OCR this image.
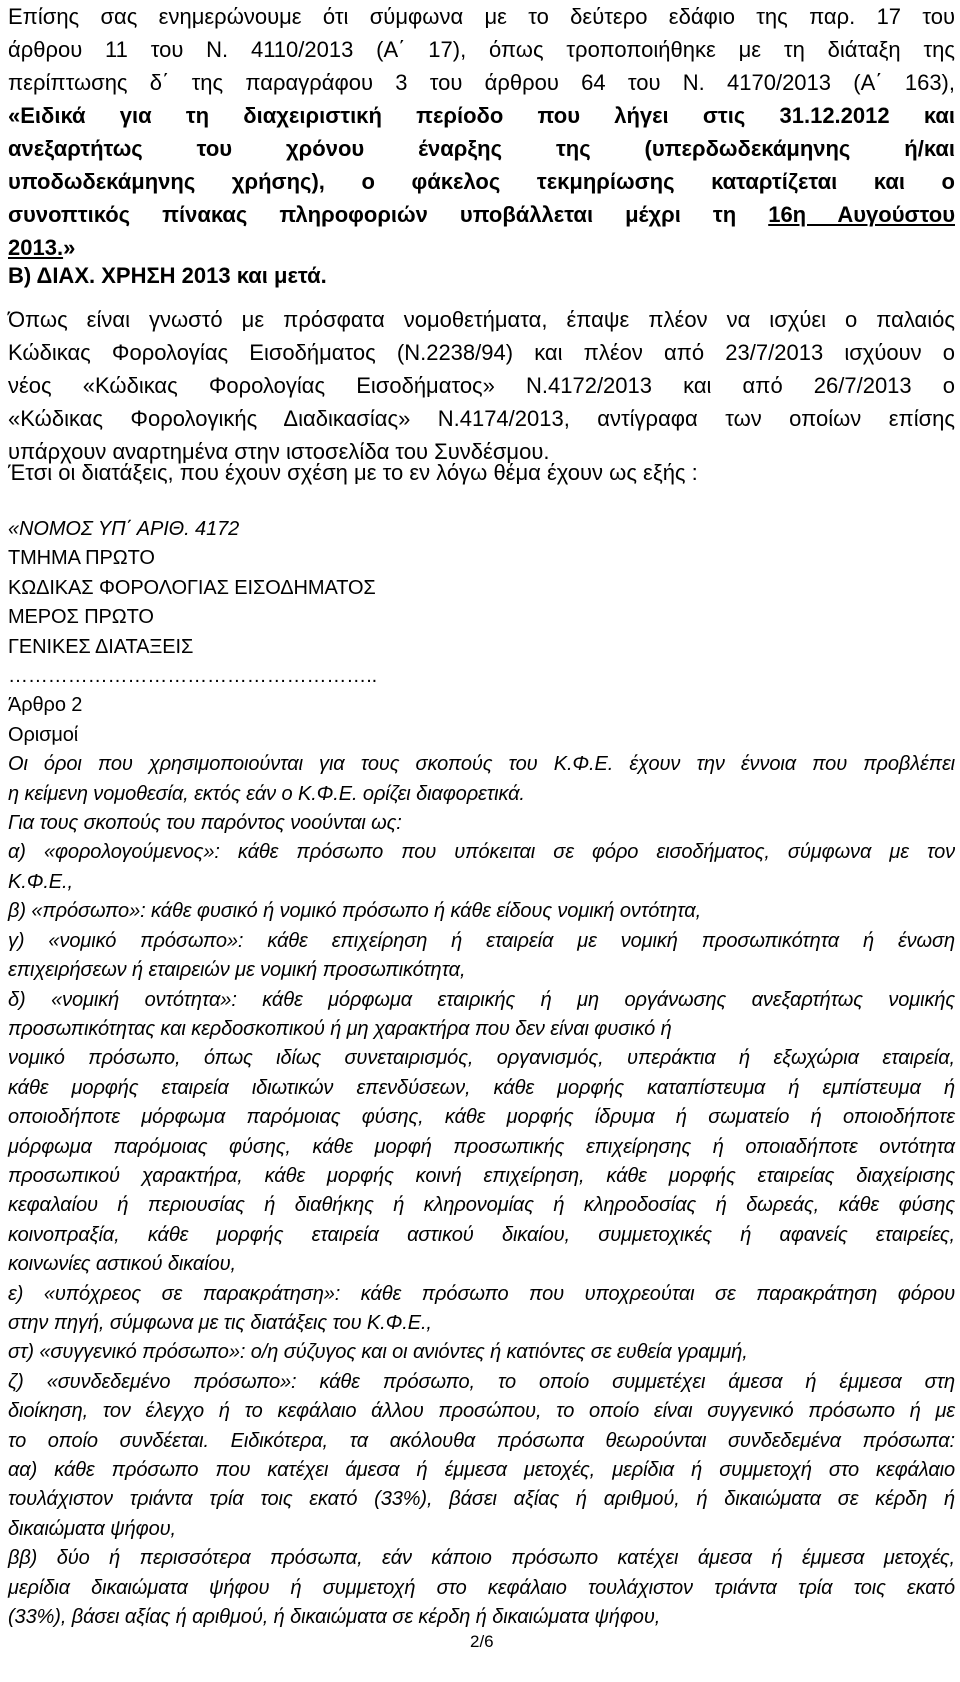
Επίσης σας ενημερώνουμε ότι σύμφωνα με το δεύτερο εδάφιο της παρ. 17 του
άρθρου 11 του Ν. 4110/2013 (Α΄ 17), όπως τροποποιήθηκε με τη διάταξη της
περίπτωσης δ΄ της παραγράφου 3 του άρθρου 64 του Ν. 4170/2013 (Α΄ 163),
«Ειδικά για τη διαχειριστική περίοδο που λήγει στις 31.12.2012 και
ανεξαρτήτως του χρόνου έναρξης της (υπερδωδεκάμηνης ή/και
υποδωδεκάμηνης χρήσης), ο φάκελος τεκμηρίωσης καταρτίζεται και ο
συνοπτικός πίνακας πληροφοριών υποβάλλεται μέχρι τη 16η Αυγούστου
2013.»
Β) ΔΙΑΧ. ΧΡΗΣΗ 2013 και μετά.
Όπως είναι γνωστό με πρόσφατα νομοθετήματα, έπαψε πλέον να ισχύει ο παλαιός
Κώδικας Φορολογίας Εισοδήματος (Ν.2238/94) και πλέον από 23/7/2013 ισχύουν ο
νέος «Κώδικας Φορολογίας Εισοδήματος» Ν.4172/2013 και από 26/7/2013 ο
«Κώδικας Φορολογικής Διαδικασίας» Ν.4174/2013, αντίγραφα των οποίων επίσης
υπάρχουν αναρτημένα στην ιστοσελίδα του Συνδέσμου.
Έτσι οι διατάξεις, που έχουν σχέση με το εν λόγω θέμα έχουν ως εξής :
«ΝΟΜΟΣ ΥΠ΄ ΑΡΙΘ. 4172
ΤΜΗΜΑ ΠΡΩΤΟ
ΚΩΔΙΚΑΣ ΦΟΡΟΛΟΓΙΑΣ ΕΙΣΟΔΗΜΑΤΟΣ
ΜΕΡΟΣ ΠΡΩΤΟ
ΓΕΝΙΚΕΣ ΔΙΑΤΑΞΕΙΣ
………………………………………………..
Άρθρο 2
Ορισμοί
Οι όροι που χρησιμοποιούνται για τους σκοπούς του Κ.Φ.Ε. έχουν την έννοια που προβλέπει
η κείμενη νομοθεσία, εκτός εάν ο Κ.Φ.Ε. ορίζει διαφορετικά.
Για τους σκοπούς του παρόντος νοούνται ως:
α) «φορολογούμενος»: κάθε πρόσωπο που υπόκειται σε φόρο εισοδήματος, σύμφωνα με τον
Κ.Φ.Ε.,
β) «πρόσωπο»: κάθε φυσικό ή νομικό πρόσωπο ή κάθε είδους νομική οντότητα,
γ) «νομικό πρόσωπο»: κάθε επιχείρηση ή εταιρεία με νομική προσωπικότητα ή ένωση
επιχειρήσεων ή εταιρειών με νομική προσωπικότητα,
δ) «νομική οντότητα»: κάθε μόρφωμα εταιρικής ή μη οργάνωσης ανεξαρτήτως νομικής
προσωπικότητας και κερδοσκοπικού ή μη χαρακτήρα που δεν είναι φυσικό ή
νομικό πρόσωπο, όπως ιδίως συνεταιρισμός, οργανισμός, υπεράκτια ή εξωχώρια εταιρεία,
κάθε μορφής εταιρεία ιδιωτικών επενδύσεων, κάθε μορφής καταπίστευμα ή εμπίστευμα ή
οποιοδήποτε μόρφωμα παρόμοιας φύσης, κάθε μορφής ίδρυμα ή σωματείο ή οποιοδήποτε
μόρφωμα παρόμοιας φύσης, κάθε μορφή προσωπικής επιχείρησης ή οποιαδήποτε οντότητα
προσωπικού χαρακτήρα, κάθε μορφής κοινή επιχείρηση, κάθε μορφής εταιρείας διαχείρισης
κεφαλαίου ή περιουσίας ή διαθήκης ή κληρονομίας ή κληροδοσίας ή δωρεάς, κάθε φύσης
κοινοπραξία, κάθε μορφής εταιρεία αστικού δικαίου, συμμετοχικές ή αφανείς εταιρείες,
κοινωνίες αστικού δικαίου,
ε) «υπόχρεος σε παρακράτηση»: κάθε πρόσωπο που υποχρεούται σε παρακράτηση φόρου
στην πηγή, σύμφωνα με τις διατάξεις του Κ.Φ.Ε.,
στ) «συγγενικό πρόσωπο»: ο/η σύζυγος και οι ανιόντες ή κατιόντες σε ευθεία γραμμή,
ζ) «συνδεδεμένο πρόσωπο»: κάθε πρόσωπο, το οποίο συμμετέχει άμεσα ή έμμεσα στη
διοίκηση, τον έλεγχο ή το κεφάλαιο άλλου προσώπου, το οποίο είναι συγγενικό πρόσωπο ή με
το οποίο συνδέεται. Ειδικότερα, τα ακόλουθα πρόσωπα θεωρούνται συνδεδεμένα πρόσωπα:
αα) κάθε πρόσωπο που κατέχει άμεσα ή έμμεσα μετοχές, μερίδια ή συμμετοχή στο κεφάλαιο
τουλάχιστον τριάντα τρία τοις εκατό (33%), βάσει αξίας ή αριθμού, ή δικαιώματα σε κέρδη ή
δικαιώματα ψήφου,
ββ) δύο ή περισσότερα πρόσωπα, εάν κάποιο πρόσωπο κατέχει άμεσα ή έμμεσα μετοχές,
μερίδια δικαιώματα ψήφου ή συμμετοχή στο κεφάλαιο τουλάχιστον τριάντα τρία τοις εκατό
(33%), βάσει αξίας ή αριθμού, ή δικαιώματα σε κέρδη ή δικαιώματα ψήφου,
2/6
